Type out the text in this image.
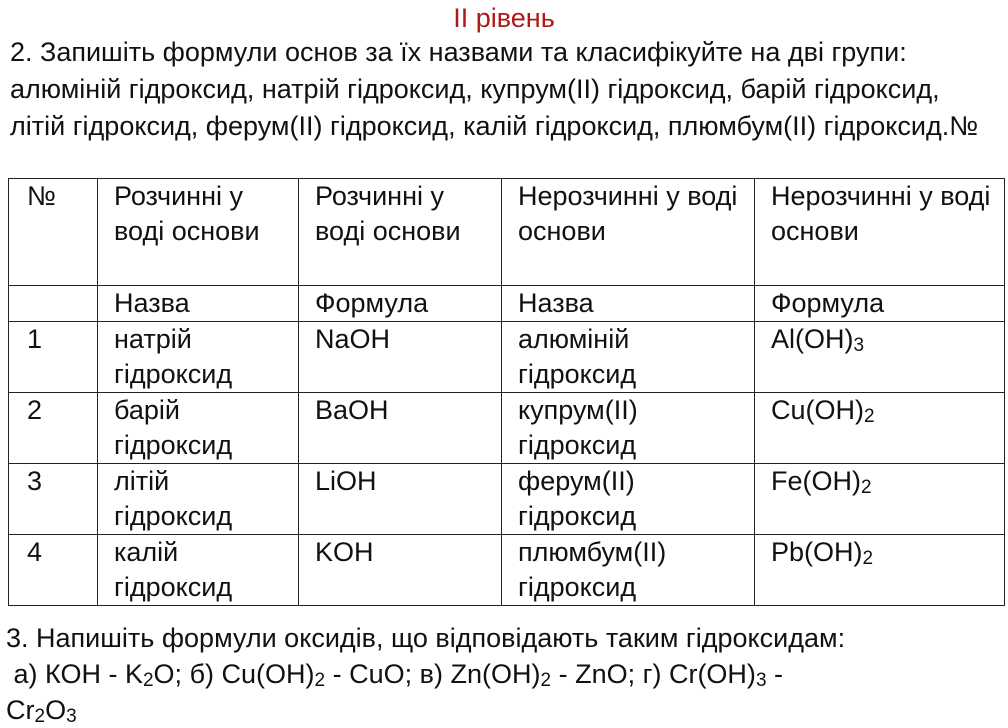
II рівень
2. Запишіть формули основ за їх назвами та класифікуйте на дві групи: алюміній гідроксид, натрій гідроксид, купрум(II) гідроксид, барій гідроксид, літій гідроксид, ферум(II) гідроксид, калій гідроксид, плюмбум(II) гідроксид.№
№	Розчинні у воді основи	Розчинні у воді основи	Нерозчинні у воді основи	Нерозчинні у воді основи
	Назва	Формула	Назва	Формула
1	натрій гідроксид	NaOH	алюміній гідроксид	$Al(OH)_3$
2	барій гідроксид	BaOH	купрум(II) гідроксид	$Cu(OH)_2$
3	літій гідроксид	LiOH	ферум(II) гідроксид	$Fe(OH)_2$
4	калій гідроксид	KOH	плюмбум(II) гідроксид	$Pb(OH)_2$
3. Напишіть формули оксидів, що відповідають таким гідроксидам:
а) КОН - $K_2O$; б) $Cu(OH)_2$ - CuO; в) $Zn(OH)_2$ - ZnO; г) $Cr(OH)_3$ -
$Cr_2O_3$
